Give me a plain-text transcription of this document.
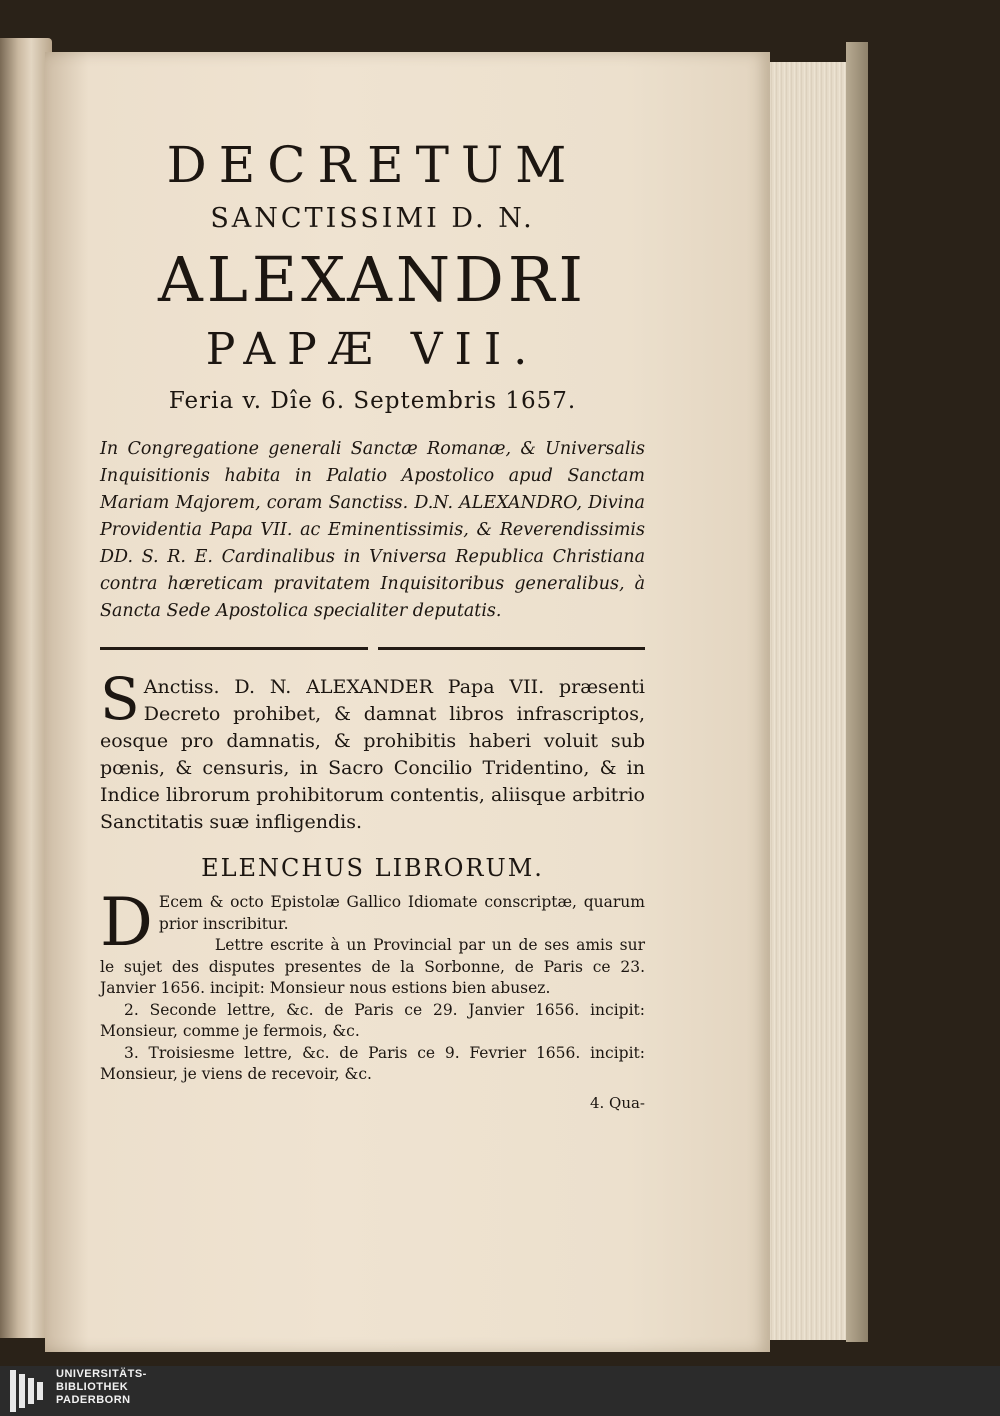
DECRETUM
SANCTISSIMI D. N.
ALEXANDRI
PAPÆ VII.
Feria v. Dîe 6. Septembris 1657.
In Congregatione generali Sanctæ Romanæ, & Universalis Inquisitionis habita in Palatio Apostolico apud Sanctam Mariam Majorem, coram Sanctiss. D.N. ALEXANDRO, Divina Providentia Papa VII. ac Eminentissimis, & Reverendissimis DD. S. R. E. Cardinalibus in Vniversa Republica Christiana contra hæreticam pravitatem Inquisitoribus generalibus, à Sancta Sede Apostolica specialiter deputatis.
S Anctiss. D. N. ALEXANDER Papa VII. præsenti Decreto prohibet, & damnat libros infrascriptos, eosque pro damnatis, & prohibitis haberi voluit sub pœnis, & censuris, in Sacro Concilio Tridentino, & in Indice librorum prohibitorum contentis, aliisque arbitrio Sanctitatis suæ infligendis.
ELENCHUS LIBRORUM.
D Ecem & octo Epistolæ Gallico Idiomate conscriptæ, quarum prior inscribitur.

Lettre escrite à un Provincial par un de ses amis sur le sujet des disputes presentes de la Sorbonne, de Paris ce 23. Janvier 1656. incipit: Monsieur nous estions bien abusez.

2. Seconde lettre, &c. de Paris ce 29. Janvier 1656. incipit: Monsieur, comme je fermois, &c.

3. Troisiesme lettre, &c. de Paris ce 9. Fevrier 1656. incipit: Monsieur, je viens de recevoir, &c.

4. Qua-
UNIVERSITÄTS-
BIBLIOTHEK
PADERBORN
